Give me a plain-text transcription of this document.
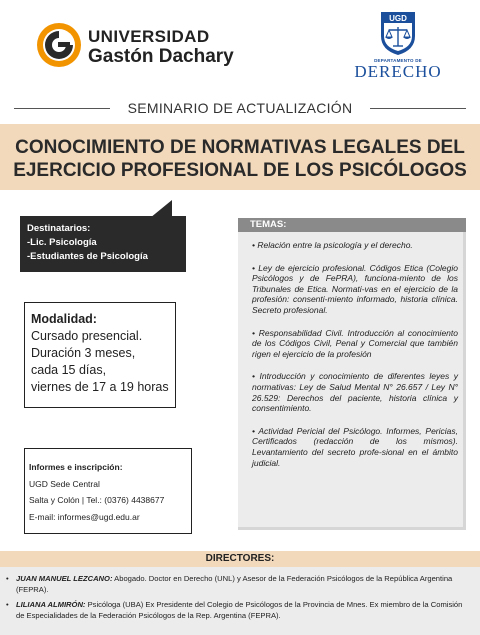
UNIVERSIDAD
Gastón Dachary
UGD
DEPARTAMENTO DE
DERECHO
SEMINARIO DE ACTUALIZACIÓN
CONOCIMIENTO DE NORMATIVAS LEGALES DEL
EJERCICIO PROFESIONAL DE LOS PSICÓLOGOS
Destinatarios:
-Lic. Psicología
-Estudiantes de Psicología
Modalidad:
Cursado presencial.
Duración 3 meses,
cada 15 días,
viernes de 17 a 19 horas
Informes e inscripción:
UGD Sede Central
Salta y Colón | Tel.: (0376) 4438677
E-mail: informes@ugd.edu.ar
TEMAS:

• Relación entre la psicología y el derecho.

• Ley de ejercicio profesional. Códigos Etica (Colegio Psicólogos y de FePRA), funciona-miento de los Tribunales de Etica. Normati-vas en el ejercicio de la profesión: consenti-miento informado, historia clínica. Secreto profesional.

• Responsabilidad Civil. Introducción al conocimiento de los Códigos Civil, Penal y Comercial que también rigen el ejercicio de la profesión

• Introducción y conocimiento de diferentes leyes y normativas: Ley de Salud Mental N° 26.657 / Ley N° 26.529: Derechos del paciente, historia clínica y consentimiento.

• Actividad Pericial del Psicólogo. Informes, Pericias, Certificados (redacción de los mismos). Levantamiento del secreto profe-sional en el ámbito judicial.

DIRECTORES:
• JUAN MANUEL LEZCANO: Abogado. Doctor en Derecho (UNL) y Asesor de la Federación Psicólogos de la República Argentina (FEPRA).
• LILIANA ALMIRÓN: Psicóloga (UBA) Ex Presidente del Colegio de Psicólogos de la Provincia de Mnes. Ex miembro de la Comisión de Especialidades de la Federación Psicólogos de la Rep. Argentina (FEPRA).
